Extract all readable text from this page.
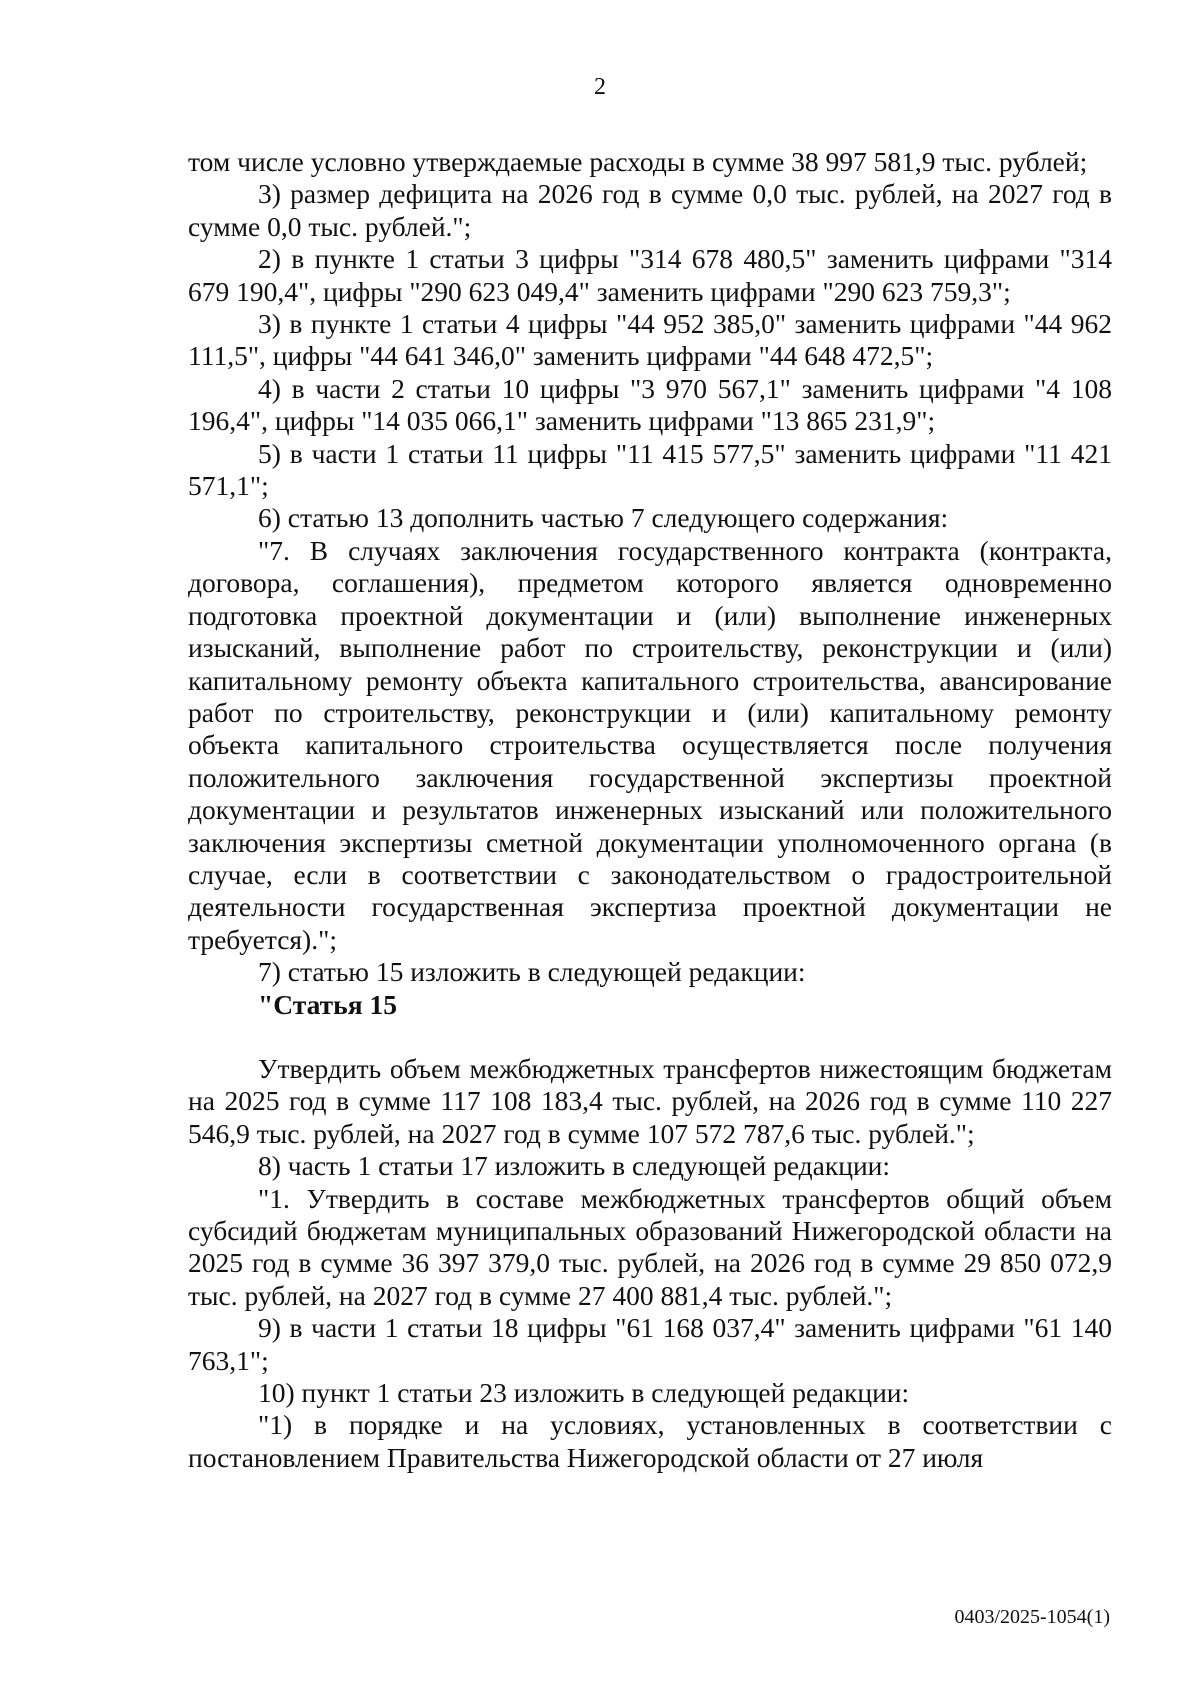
2

том числе условно утверждаемые расходы в сумме 38 997 581,9 тыс. рублей;

3) размер дефицита на 2026 год в сумме 0,0 тыс. рублей, на 2027 год в сумме 0,0 тыс. рублей.";

2) в пункте 1 статьи 3 цифры "314 678 480,5" заменить цифрами "314 679 190,4", цифры "290 623 049,4" заменить цифрами "290 623 759,3";

3) в пункте 1 статьи 4 цифры "44 952 385,0" заменить цифрами "44 962 111,5", цифры "44 641 346,0" заменить цифрами "44 648 472,5";

4) в части 2 статьи 10 цифры "3 970 567,1" заменить цифрами "4 108 196,4", цифры "14 035 066,1" заменить цифрами "13 865 231,9";

5) в части 1 статьи 11 цифры "11 415 577,5" заменить цифрами "11 421 571,1";

6) статью 13 дополнить частью 7 следующего содержания:

"7. В случаях заключения государственного контракта (контракта, договора, соглашения), предметом которого является одновременно подготовка проектной документации и (или) выполнение инженерных изысканий, выполнение работ по строительству, реконструкции и (или) капитальному ремонту объекта капитального строительства, авансирование работ по строительству, реконструкции и (или) капитальному ремонту объекта капитального строительства осуществляется после получения положительного заключения государственной экспертизы проектной документации и результатов инженерных изысканий или положительного заключения экспертизы сметной документации уполномоченного органа (в случае, если в соответствии с законодательством о градостроительной деятельности государственная экспертиза проектной документации не требуется).";

7) статью 15 изложить в следующей редакции:

"Статья 15

Утвердить объем межбюджетных трансфертов нижестоящим бюджетам на 2025 год в сумме 117 108 183,4 тыс. рублей, на 2026 год в сумме 110 227 546,9 тыс. рублей, на 2027 год в сумме 107 572 787,6 тыс. рублей.";

8) часть 1 статьи 17 изложить в следующей редакции:

"1. Утвердить в составе межбюджетных трансфертов общий объем субсидий бюджетам муниципальных образований Нижегородской области на 2025 год в сумме 36 397 379,0 тыс. рублей, на 2026 год в сумме 29 850 072,9 тыс. рублей, на 2027 год в сумме 27 400 881,4 тыс. рублей.";

9) в части 1 статьи 18 цифры "61 168 037,4" заменить цифрами "61 140 763,1";

10) пункт 1 статьи 23 изложить в следующей редакции:

"1) в порядке и на условиях, установленных в соответствии с постановлением Правительства Нижегородской области от 27 июля

0403/2025-1054(1)
